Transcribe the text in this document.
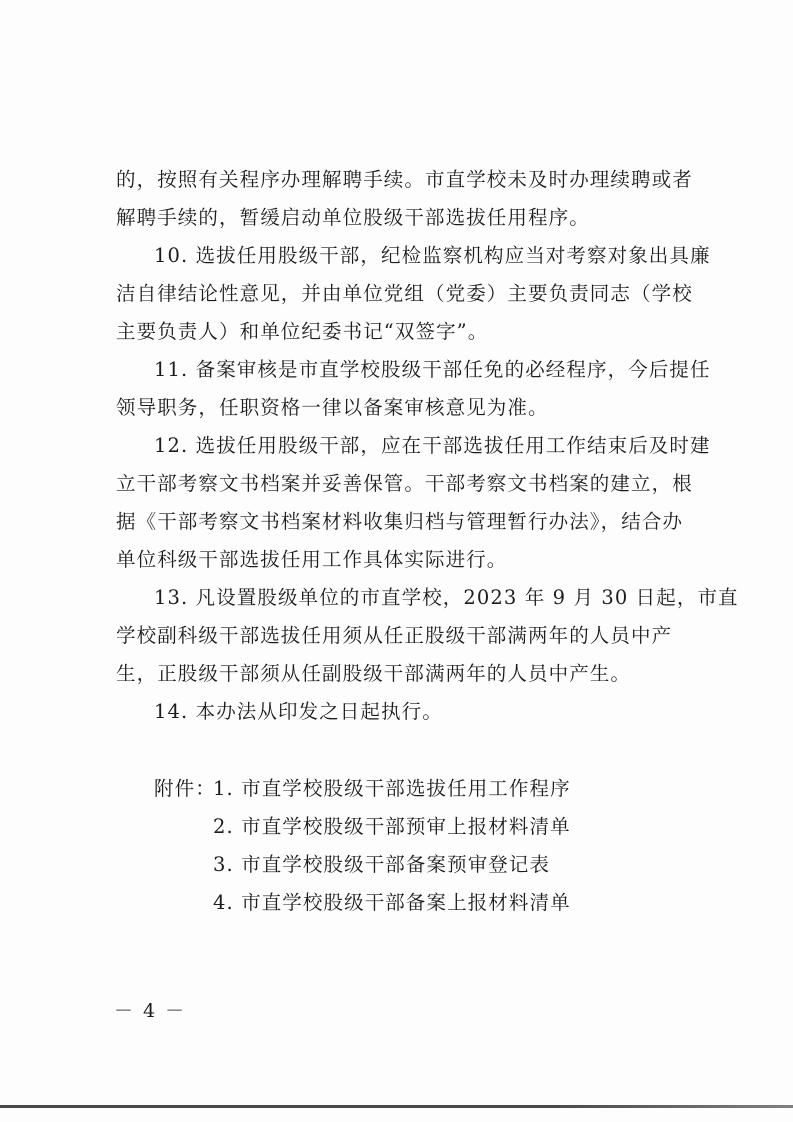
的，按照有关程序办理解聘手续。市直学校未及时办理续聘或者
解聘手续的，暂缓启动单位股级干部选拔任用程序。
10. 选拔任用股级干部，纪检监察机构应当对考察对象出具廉
洁自律结论性意见，并由单位党组（党委）主要负责同志（学校
主要负责人）和单位纪委书记“双签字”。
11. 备案审核是市直学校股级干部任免的必经程序，今后提任
领导职务，任职资格一律以备案审核意见为准。
12. 选拔任用股级干部，应在干部选拔任用工作结束后及时建
立干部考察文书档案并妥善保管。干部考察文书档案的建立，根
据《干部考察文书档案材料收集归档与管理暂行办法》，结合办
单位科级干部选拔任用工作具体实际进行。
13. 凡设置股级单位的市直学校，2023 年 9 月 30 日起，市直
学校副科级干部选拔任用须从任正股级干部满两年的人员中产
生，正股级干部须从任副股级干部满两年的人员中产生。
14. 本办法从印发之日起执行。
附件：
1. 市直学校股级干部选拔任用工作程序
2. 市直学校股级干部预审上报材料清单
3. 市直学校股级干部备案预审登记表
4. 市直学校股级干部备案上报材料清单
－ 4 －
